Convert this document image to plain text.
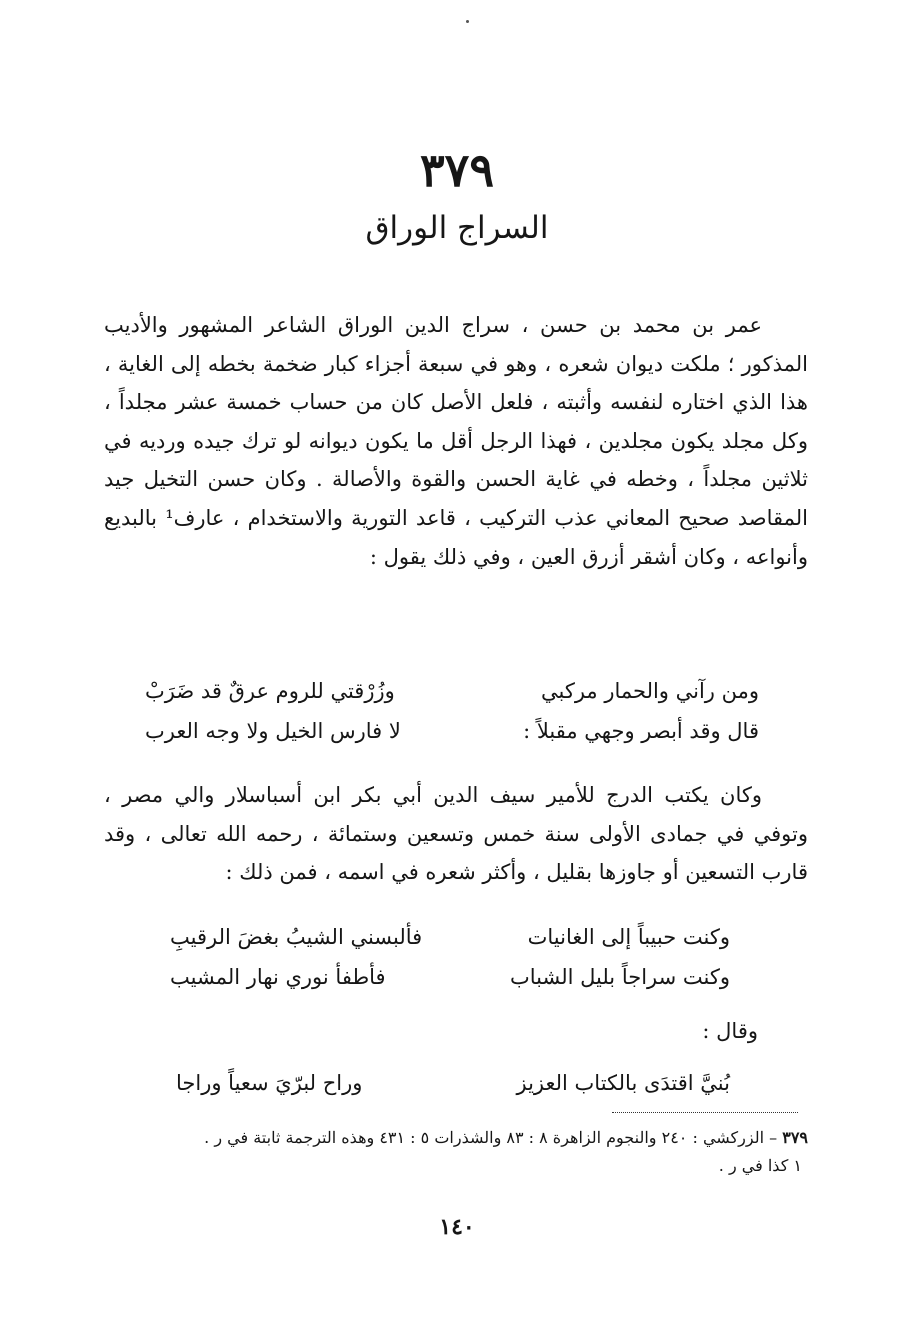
٣٧٩
السراج الوراق

عمر بن محمد بن حسن ، سراج الدين الوراق الشاعر المشهور والأديب المذكور ؛ ملكت ديوان شعره ، وهو في سبعة أجزاء كبار ضخمة بخطه إلى الغاية ، هذا الذي اختاره لنفسه وأثبته ، فلعل الأصل كان من حساب خمسة عشر مجلداً ، وكل مجلد يكون مجلدين ، فهذا الرجل أقل ما يكون ديوانه لو ترك جيده ورديه في ثلاثين مجلداً ، وخطه في غاية الحسن والقوة والأصالة . وكان حسن التخيل جيد المقاصد صحيح المعاني عذب التركيب ، قاعد التورية والاستخدام ، عارف¹ بالبديع وأنواعه ، وكان أشقر أزرق العين ، وفي ذلك يقول :

ومن رآني والحمار مركبي
وزُرْقتي للروم عرقٌ قد ضَرَبْ
قال وقد أبصر وجهي مقبلاً :
لا فارس الخيل ولا وجه العرب

وكان يكتب الدرج للأمير سيف الدين أبي بكر ابن أسباسلار والي مصر ، وتوفي في جمادى الأولى سنة خمس وتسعين وستمائة ، رحمه الله تعالى ، وقد قارب التسعين أو جاوزها بقليل ، وأكثر شعره في اسمه ، فمن ذلك :

وكنت حبيباً إلى الغانيات
فألبسني الشيبُ بغضَ الرقيبِ
وكنت سراجاً بليل الشباب
فأطفأ نوري نهار المشيب
وقال :
بُنيَّ اقتدَى بالكتاب العزيز
وراح لبرّيَ سعياً وراجا
٣٧٩ – الزركشي : ٢٤٠ والنجوم الزاهرة ٨ : ٨٣ والشذرات ٥ : ٤٣١ وهذه الترجمة ثابتة في ر .
١ كذا في ر .
١٤٠
